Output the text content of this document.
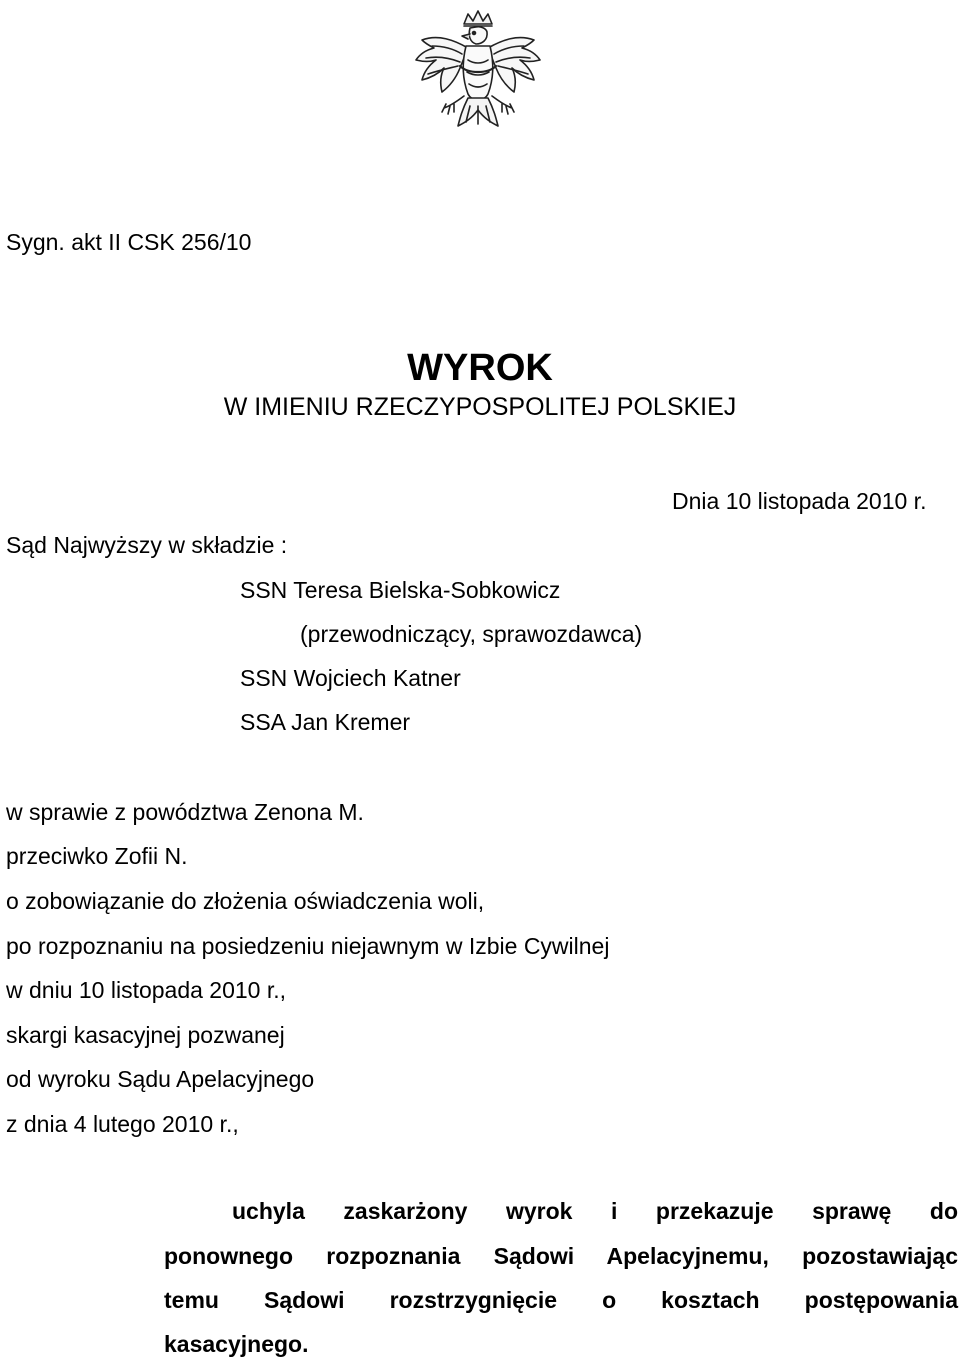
Sygn. akt II CSK 256/10

WYROK
W IMIENIU RZECZYPOSPOLITEJ POLSKIEJ

Dnia 10 listopada 2010 r.

Sąd Najwyższy w składzie :

SSN Teresa Bielska-Sobkowicz

(przewodniczący, sprawozdawca)

SSN Wojciech Katner

SSA Jan Kremer

w sprawie z powództwa Zenona M.

przeciwko Zofii N.

o zobowiązanie do złożenia oświadczenia woli,

po rozpoznaniu na posiedzeniu niejawnym w Izbie Cywilnej

w dniu 10 listopada 2010 r.,

skargi kasacyjnej pozwanej

od wyroku Sądu Apelacyjnego

z dnia 4 lutego 2010 r.,

uchyla zaskarżony wyrok i przekazuje sprawę do

ponownego rozpoznania Sądowi Apelacyjnemu, pozostawiając

temu Sądowi rozstrzygnięcie o kosztach postępowania

kasacyjnego.
